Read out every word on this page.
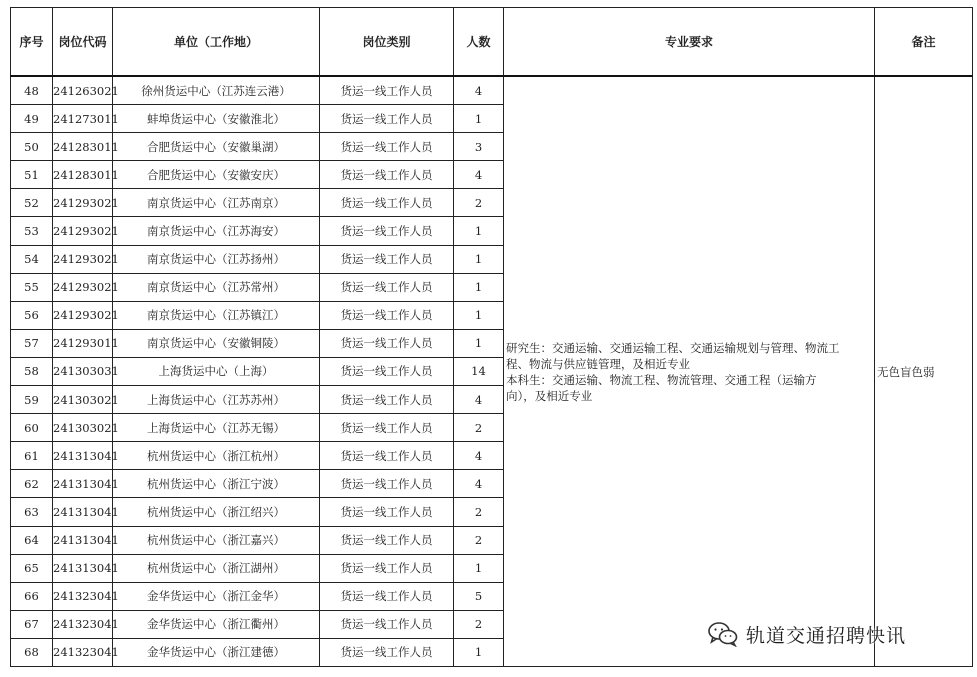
序号	岗位代码	单位（工作地）	岗位类别	人数	专业要求	备注
48	241263021	徐州货运中心（江苏连云港）	货运一线工作人员	4	研究生：交通运输、交通运输工程、交通运输规划与管理、物流工
程、物流与供应链管理，及相近专业
本科生：交通运输、物流工程、物流管理、交通工程（运输方
向），及相近专业	无色盲色弱
49	241273011	蚌埠货运中心（安徽淮北）	货运一线工作人员	1		
50	241283011	合肥货运中心（安徽巢湖）	货运一线工作人员	3		
51	241283011	合肥货运中心（安徽安庆）	货运一线工作人员	4		
52	241293021	南京货运中心（江苏南京）	货运一线工作人员	2		
53	241293021	南京货运中心（江苏海安）	货运一线工作人员	1		
54	241293021	南京货运中心（江苏扬州）	货运一线工作人员	1		
55	241293021	南京货运中心（江苏常州）	货运一线工作人员	1		
56	241293021	南京货运中心（江苏镇江）	货运一线工作人员	1		
57	241293011	南京货运中心（安徽铜陵）	货运一线工作人员	1		
58	241303031	上海货运中心（上海）	货运一线工作人员	14		
59	241303021	上海货运中心（江苏苏州）	货运一线工作人员	4		
60	241303021	上海货运中心（江苏无锡）	货运一线工作人员	2		
61	241313041	杭州货运中心（浙江杭州）	货运一线工作人员	4		
62	241313041	杭州货运中心（浙江宁波）	货运一线工作人员	4		
63	241313041	杭州货运中心（浙江绍兴）	货运一线工作人员	2		
64	241313041	杭州货运中心（浙江嘉兴）	货运一线工作人员	2		
65	241313041	杭州货运中心（浙江湖州）	货运一线工作人员	1		
66	241323041	金华货运中心（浙江金华）	货运一线工作人员	5		
67	241323041	金华货运中心（浙江衢州）	货运一线工作人员	2		
68	241323041	金华货运中心（浙江建德）	货运一线工作人员	1		
轨道交通招聘快讯
